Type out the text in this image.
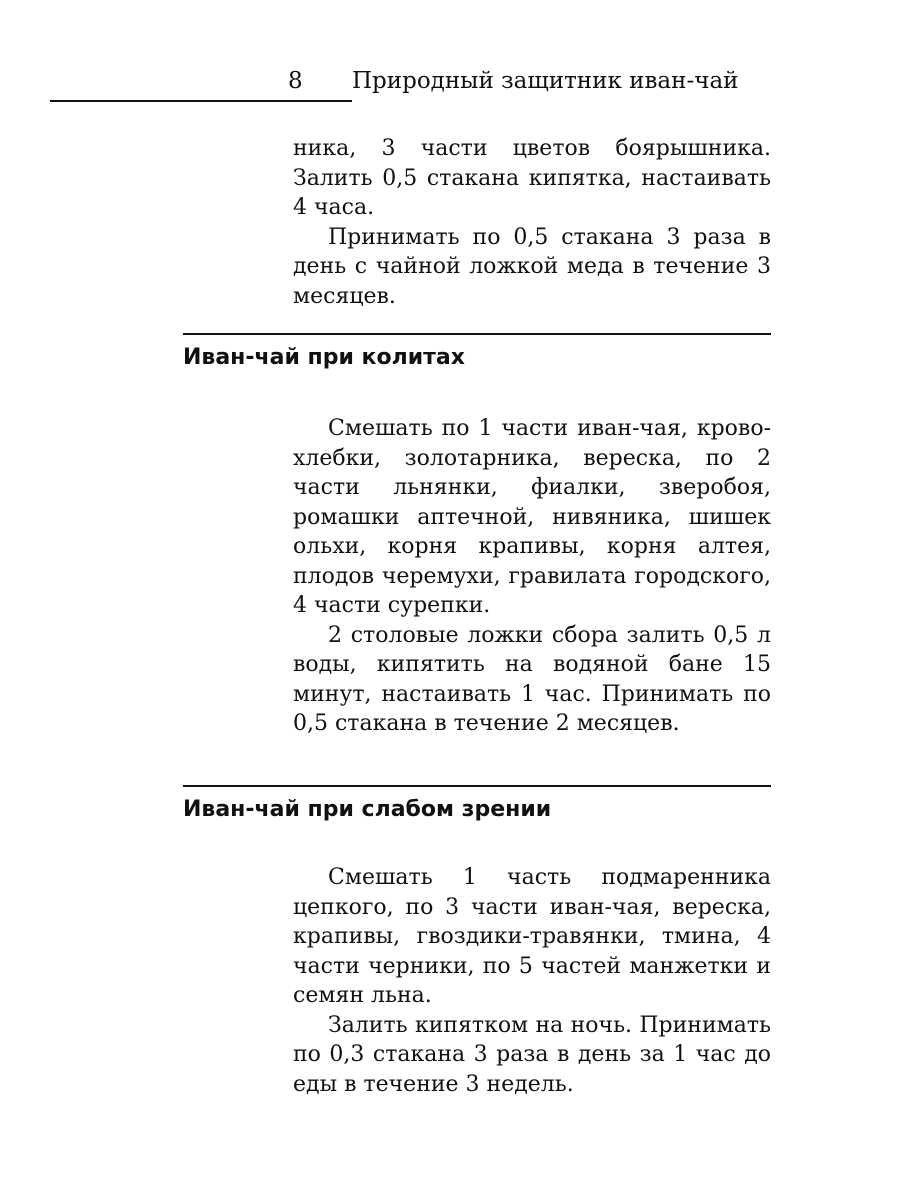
8 Природный защитник иван-чай

ника, 3 части цветов боярышника. Залить 0,5 стакана кипятка, настаивать 4 часа.

Принимать по 0,5 стакана 3 раза в день с чайной ложкой меда в течение 3 месяцев.

Иван-чай при колитах

Смешать по 1 части иван-чая, кровохлебки, золотарника, вереска, по 2 части льнянки, фиалки, зверобоя, ромашки аптечной, нивяника, шишек ольхи, корня крапивы, корня алтея, плодов черемухи, гравилата городского, 4 части сурепки.

2 столовые ложки сбора залить 0,5 л воды, кипятить на водяной бане 15 минут, настаивать 1 час. Принимать по 0,5 стакана в течение 2 месяцев.

Иван-чай при слабом зрении

Смешать 1 часть подмаренника цепкого, по 3 части иван-чая, вереска, крапивы, гвоздики-травянки, тмина, 4 части черники, по 5 частей манжетки и семян льна.

Залить кипятком на ночь. Принимать по 0,3 стакана 3 раза в день за 1 час до еды в течение 3 недель.
